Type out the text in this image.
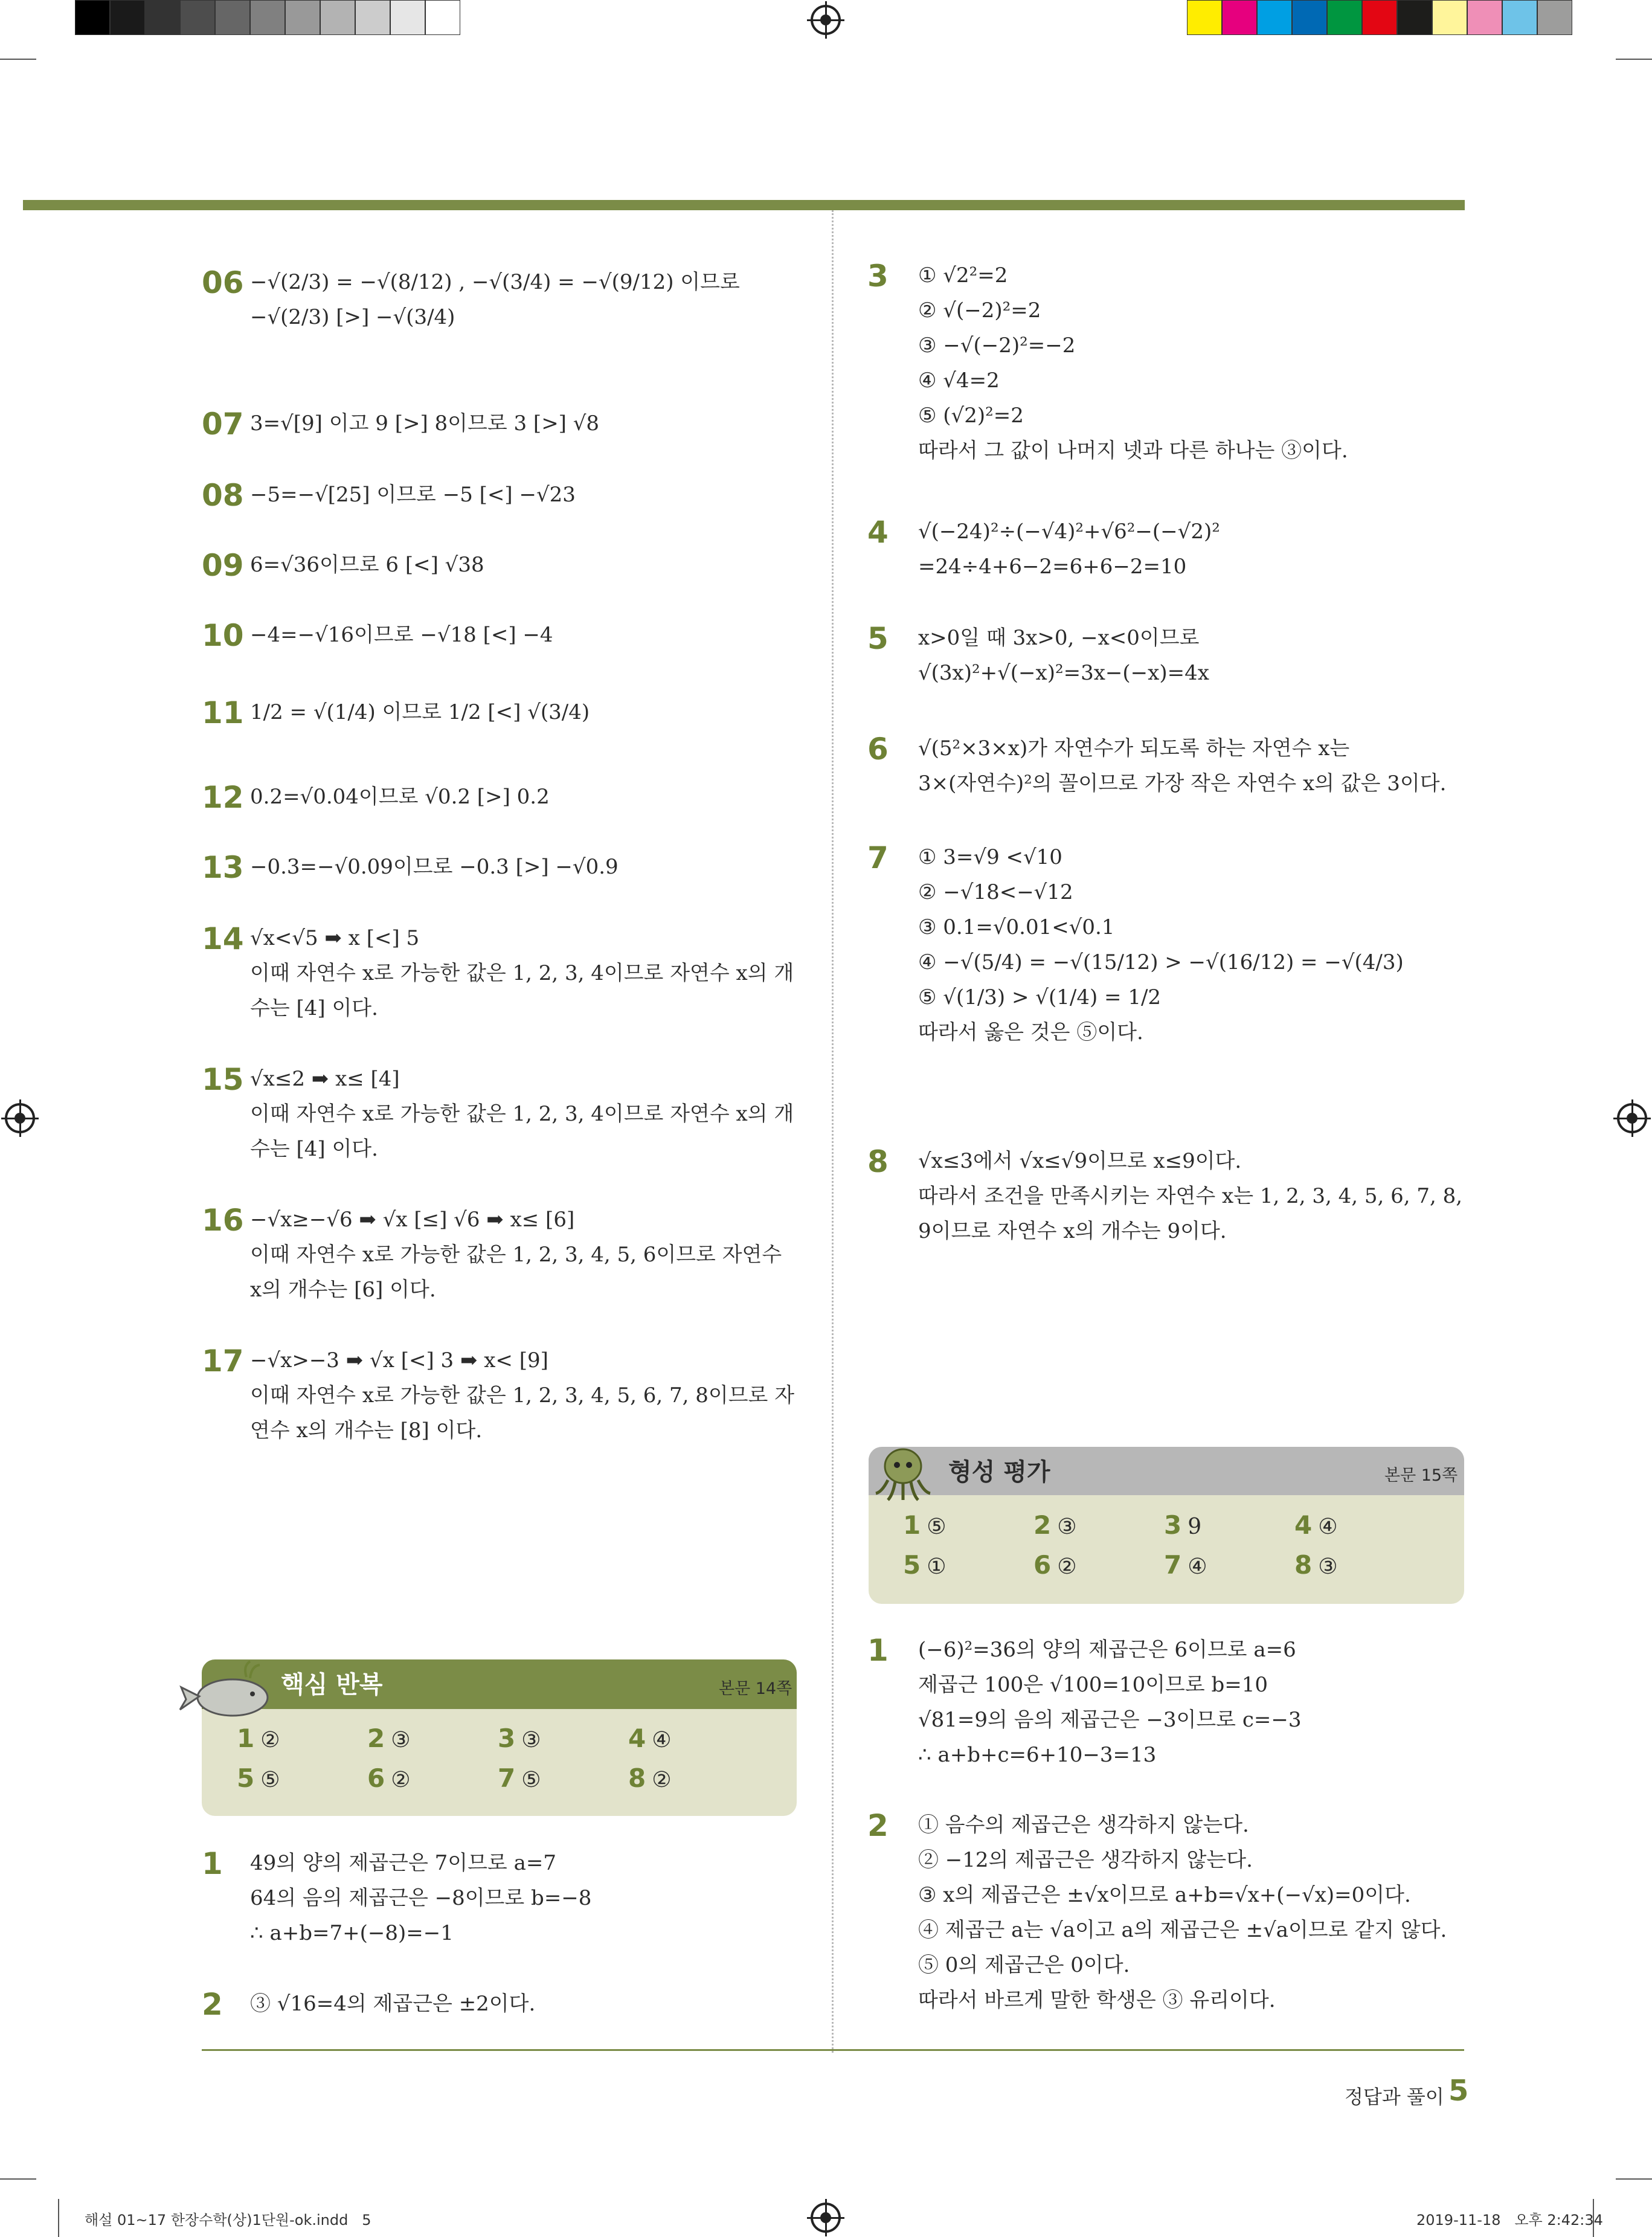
06 −√(2/3) = −√(8/12) , −√(3/4) = −√(9/12) 이므로
−√(2/3) [>] −√(3/4)
07 3=√[9] 이고 9 [>] 8이므로 3 [>] √8
08 −5=−√[25] 이므로 −5 [<] −√23
09 6=√36이므로 6 [<] √38
10 −4=−√16이므로 −√18 [<] −4
11 1/2 = √(1/4) 이므로 1/2 [<] √(3/4)
12 0.2=√0.04이므로 √0.2 [>] 0.2
13 −0.3=−√0.09이므로 −0.3 [>] −√0.9
14 √x<√5 ➡ x [<] 5
이때 자연수 x로 가능한 값은 1, 2, 3, 4이므로 자연수 x의 개
수는 [4] 이다.
15 √x≤2 ➡ x≤ [4]
이때 자연수 x로 가능한 값은 1, 2, 3, 4이므로 자연수 x의 개
수는 [4] 이다.
16 −√x≥−√6 ➡ √x [≤] √6 ➡ x≤ [6]
이때 자연수 x로 가능한 값은 1, 2, 3, 4, 5, 6이므로 자연수
x의 개수는 [6] 이다.
17 −√x>−3 ➡ √x [<] 3 ➡ x< [9]
이때 자연수 x로 가능한 값은 1, 2, 3, 4, 5, 6, 7, 8이므로 자
연수 x의 개수는 [8] 이다.
핵심 반복	본문 14쪽
1 ②	2 ③	3 ③	4 ④
5 ⑤	6 ②	7 ⑤	8 ②
1 49의 양의 제곱근은 7이므로 a=7
64의 음의 제곱근은 −8이므로 b=−8
∴ a+b=7+(−8)=−1
2 ③ √16=4의 제곱근은 ±2이다.
3 ① √2²=2
② √(−2)²=2
③ −√(−2)²=−2
④ √4=2
⑤ (√2)²=2
따라서 그 값이 나머지 넷과 다른 하나는 ③이다.
4 √(−24)²÷(−√4)²+√6²−(−√2)²
=24÷4+6−2=6+6−2=10
5 x>0일 때 3x>0, −x<0이므로
√(3x)²+√(−x)²=3x−(−x)=4x
6 √(5²×3×x)가 자연수가 되도록 하는 자연수 x는
3×(자연수)²의 꼴이므로 가장 작은 자연수 x의 값은 3이다.
7 ① 3=√9 <√10
② −√18<−√12
③ 0.1=√0.01<√0.1
④ −√(5/4) = −√(15/12) > −√(16/12) = −√(4/3)
⑤ √(1/3) > √(1/4) = 1/2
따라서 옳은 것은 ⑤이다.
8 √x≤3에서 √x≤√9이므로 x≤9이다.
따라서 조건을 만족시키는 자연수 x는 1, 2, 3, 4, 5, 6, 7, 8,
9이므로 자연수 x의 개수는 9이다.
형성 평가	본문 15쪽
1 ⑤	2 ③	3 9	4 ④
5 ①	6 ②	7 ④	8 ③
1 (−6)²=36의 양의 제곱근은 6이므로 a=6
제곱근 100은 √100=10이므로 b=10
√81=9의 음의 제곱근은 −3이므로 c=−3
∴ a+b+c=6+10−3=13
2 ① 음수의 제곱근은 생각하지 않는다.
② −12의 제곱근은 생각하지 않는다.
③ x의 제곱근은 ±√x이므로 a+b=√x+(−√x)=0이다.
④ 제곱근 a는 √a이고 a의 제곱근은 ±√a이므로 같지 않다.
⑤ 0의 제곱근은 0이다.
따라서 바르게 말한 학생은 ③ 유리이다.
정답과 풀이 5
해설 01~17 한장수학(상)1단원-ok.indd   5	2019-11-18   오후 2:42:34
